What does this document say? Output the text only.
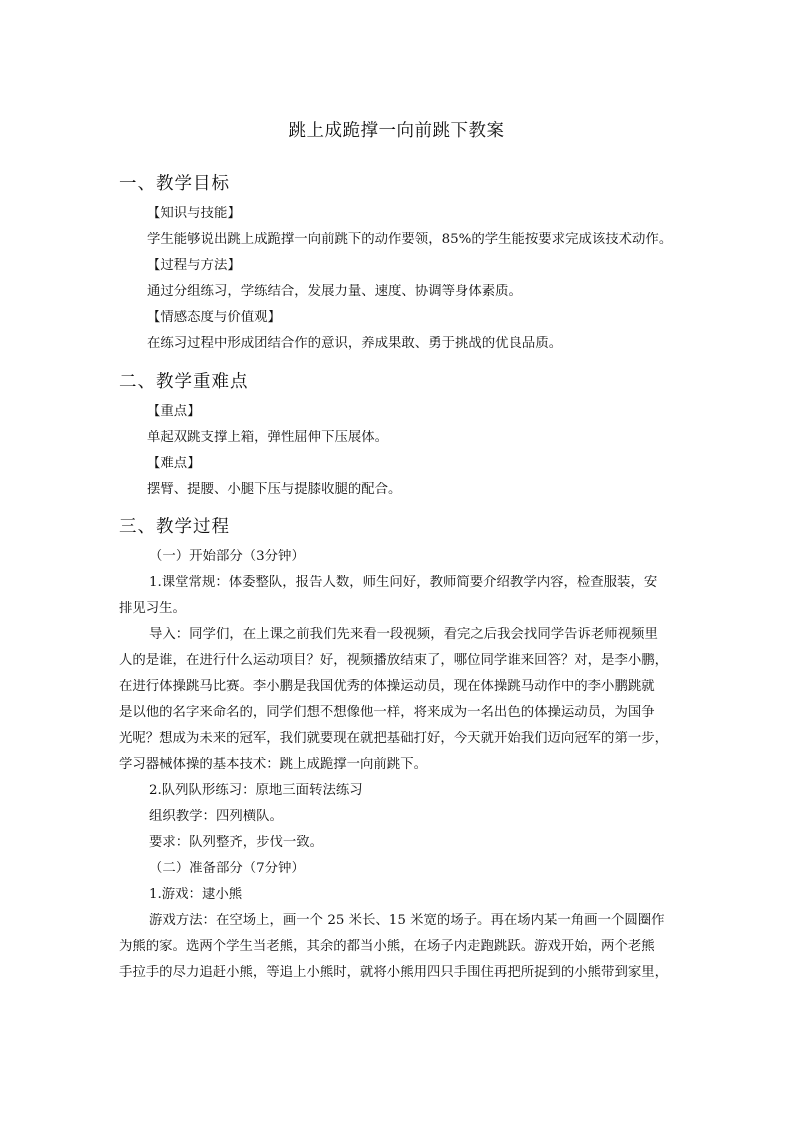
跳上成跪撑一向前跳下教案
一、教学目标
【知识与技能】
学生能够说出跳上成跪撑一向前跳下的动作要领，85%的学生能按要求完成该技术动作。
【过程与方法】
通过分组练习，学练结合，发展力量、速度、协调等身体素质。
【情感态度与价值观】
在练习过程中形成团结合作的意识，养成果敢、勇于挑战的优良品质。
二、教学重难点
【重点】
单起双跳支撑上箱，弹性屈伸下压展体。
【难点】
摆臂、提腰、小腿下压与提膝收腿的配合。
三、教学过程
（一）开始部分（3分钟）
1.课堂常规：体委整队，报告人数，师生问好，教师简要介绍教学内容，检查服装，安
排见习生。
导入：同学们，在上课之前我们先来看一段视频，看完之后我会找同学告诉老师视频里
人的是谁，在进行什么运动项目？好，视频播放结束了，哪位同学谁来回答？对，是李小鹏，
在进行体操跳马比赛。李小鹏是我国优秀的体操运动员，现在体操跳马动作中的李小鹏跳就
是以他的名字来命名的，同学们想不想像他一样，将来成为一名出色的体操运动员，为国争
光呢？想成为未来的冠军，我们就要现在就把基础打好，今天就开始我们迈向冠军的第一步，
学习器械体操的基本技术：跳上成跪撑一向前跳下。
2.队列队形练习：原地三面转法练习
组织教学：四列横队。
要求：队列整齐，步伐一致。
（二）准备部分（7分钟）
1.游戏：逮小熊
游戏方法：在空场上，画一个 25 米长、15 米宽的场子。再在场内某一角画一个圆圈作
为熊的家。选两个学生当老熊，其余的都当小熊，在场子内走跑跳跃。游戏开始，两个老熊
手拉手的尽力追赶小熊，等追上小熊时，就将小熊用四只手围住再把所捉到的小熊带到家里，
